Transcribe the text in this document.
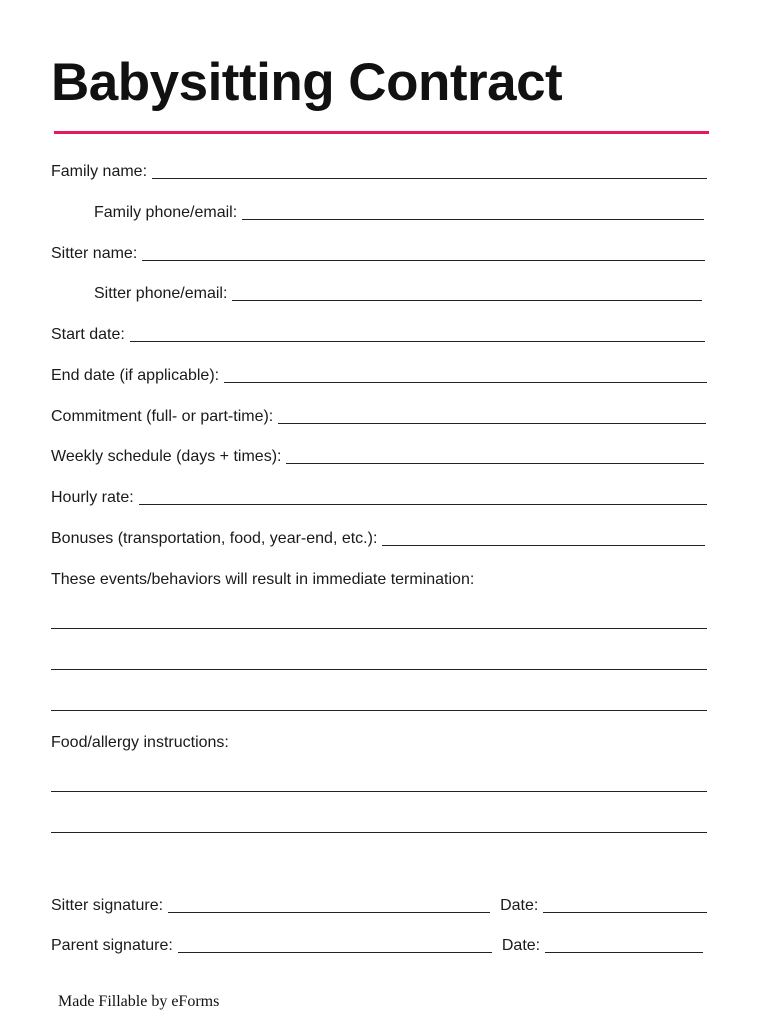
Babysitting Contract
Family name:
Family phone/email:
Sitter name:
Sitter phone/email:
Start date:
End date (if applicable):
Commitment (full- or part-time):
Weekly schedule (days + times):
Hourly rate:
Bonuses (transportation, food, year-end, etc.):
These events/behaviors will result in immediate termination:
Food/allergy instructions:
Sitter signature:	Date:
Parent signature:	Date:
Made Fillable by eForms
